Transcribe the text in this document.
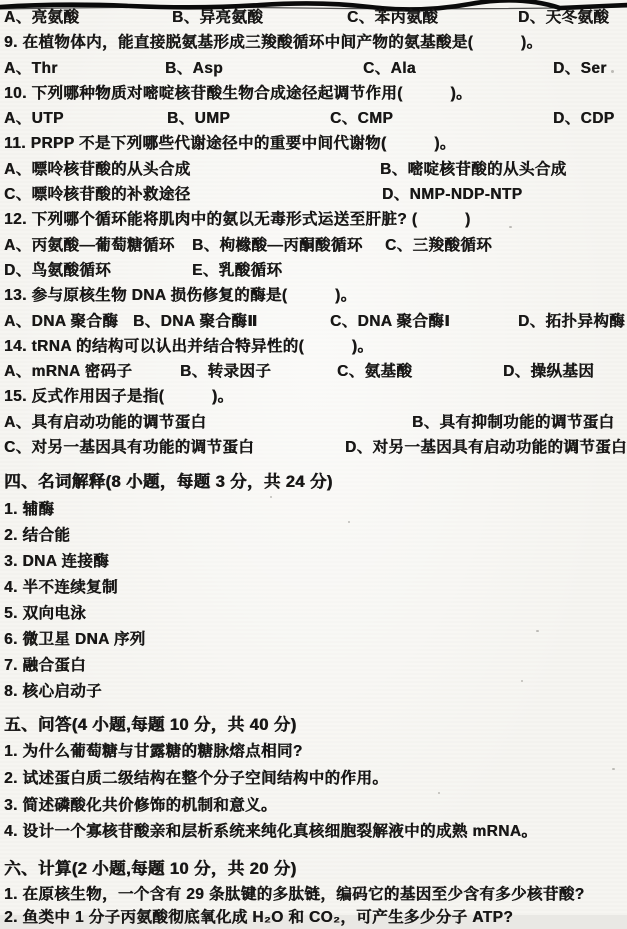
A、亮氨酸	B、异亮氨酸	C、苯丙氨酸	D、天冬氨酸
9. 在植物体内，能直接脱氨基形成三羧酸循环中间产物的氨基酸是(　　　)。
A、Thr	B、Asp	C、Ala	D、Ser
10. 下列哪种物质对嘧啶核苷酸生物合成途径起调节作用(　　　)。
A、UTP	B、UMP	C、CMP	D、CDP
11. PRPP 不是下列哪些代谢途径中的重要中间代谢物(　　　)。
A、嘌呤核苷酸的从头合成	B、嘧啶核苷酸的从头合成
C、嘌呤核苷酸的补救途径	D、NMP-NDP-NTP
12. 下列哪个循环能将肌肉中的氨以无毒形式运送至肝脏? (　　　)
A、丙氨酸—葡萄糖循环 B、枸橼酸—丙酮酸循环 C、三羧酸循环
D、鸟氨酸循环	E、乳酸循环
13. 参与原核生物 DNA 损伤修复的酶是(　　　)。
A、DNA 聚合酶 B、DNA 聚合酶Ⅱ	C、DNA 聚合酶Ⅰ	D、拓扑异构酶
14. tRNA 的结构可以认出并结合特异性的(　　　)。
A、mRNA 密码子	B、转录因子	C、氨基酸	D、操纵基因
15. 反式作用因子是指(　　　)。
A、具有启动功能的调节蛋白	B、具有抑制功能的调节蛋白
C、对另一基因具有功能的调节蛋白	D、对另一基因具有启动功能的调节蛋白
四、名词解释(8 小题，每题 3 分，共 24 分)
1. 辅酶
2. 结合能
3. DNA 连接酶
4. 半不连续复制
5. 双向电泳
6. 微卫星 DNA 序列
7. 融合蛋白
8. 核心启动子
五、问答(4 小题,每题 10 分，共 40 分)
1. 为什么葡萄糖与甘露糖的糖脉熔点相同?
2. 试述蛋白质二级结构在整个分子空间结构中的作用。
3. 简述磷酸化共价修饰的机制和意义。
4. 设计一个寡核苷酸亲和层析系统来纯化真核细胞裂解液中的成熟 mRNA。
六、计算(2 小题,每题 10 分，共 20 分)
1. 在原核生物，一个含有 29 条肽键的多肽链，编码它的基因至少含有多少核苷酸?
2. 鱼类中 1 分子丙氨酸彻底氧化成 H₂O 和 CO₂，可产生多少分子 ATP?
